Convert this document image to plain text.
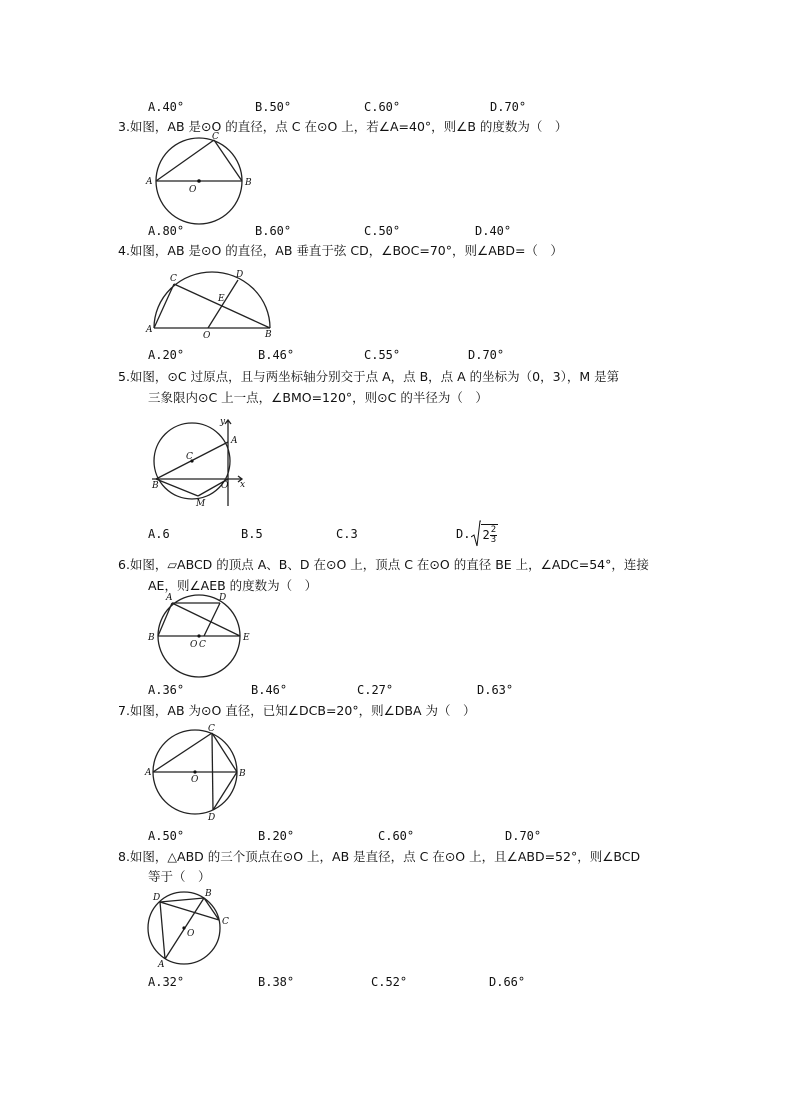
A.40°	B.50°	C.60°	D.70°
3.如图，AB 是⊙O 的直径，点 C 在⊙O 上，若∠A=40°，则∠B 的度数为（　）
A	B
C
O
A.80°	B.60°	C.50°	D.40°
4.如图，AB 是⊙O 的直径，AB 垂直于弦 CD，∠BOC=70°，则∠ABD=（　）
A	B
C	D
E
O
A.20°	B.46°	C.55°	D.70°
5.如图，⊙C 过原点，且与两坐标轴分别交于点 A，点 B，点 A 的坐标为（0，3），M 是第
三象限内⊙C 上一点，∠BMO=120°，则⊙C 的半径为（　）
A
B
C
M
O x
y
A.6	B.5	C.3	D. $2 \frac{2}{3}$
6.如图，▱ABCD 的顶点 A、B、D 在⊙O 上，顶点 C 在⊙O 的直径 BE 上，∠ADC=54°，连接
AE，则∠AEB 的度数为（　）
A
B
C
D
E
O
A.36°	B.46°	C.27°	D.63°
7.如图，AB 为⊙O 直径，已知∠DCB=20°，则∠DBA 为（　）
A	B
C
D
O
A.50°	B.20°	C.60°	D.70°
8.如图，△ABD 的三个顶点在⊙O 上，AB 是直径，点 C 在⊙O 上，且∠ABD=52°，则∠BCD
等于（　）
A
B
C
D
O
A.32°	B.38°	C.52°	D.66°
